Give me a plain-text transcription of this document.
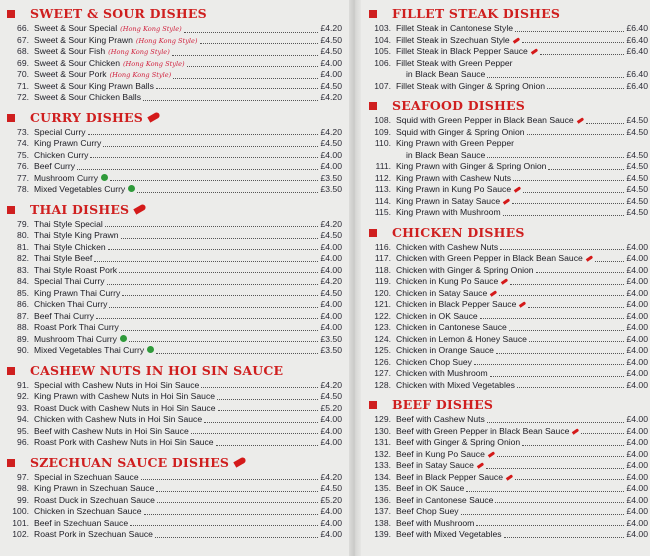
SWEET & SOUR DISHES
66. Sweet & Sour Special (Hong Kong Style)	£4.20
67. Sweet & Sour King Prawn (Hong Kong Style)	£4.50
68. Sweet & Sour Fish (Hong Kong Style)	£4.50
69. Sweet & Sour Chicken (Hong Kong Style)	£4.00
70. Sweet & Sour Pork (Hong Kong Style)	£4.00
71. Sweet & Sour King Prawn Balls	£4.50
72. Sweet & Sour Chicken Balls	£4.20
CURRY DISHES
73. Special Curry	£4.20
74. King Prawn Curry	£4.50
75. Chicken Curry	£4.00
76. Beef Curry	£4.00
77. Mushroom Curry	£3.50
78. Mixed Vegetables Curry	£3.50
THAI DISHES
79. Thai Style Special	£4.20
80. Thai Style King Prawn	£4.50
81. Thai Style Chicken	£4.00
82. Thai Style Beef	£4.00
83. Thai Style Roast Pork	£4.00
84. Special Thai Curry	£4.20
85. King Prawn Thai Curry	£4.50
86. Chicken Thai Curry	£4.00
87. Beef Thai Curry	£4.00
88. Roast Pork Thai Curry	£4.00
89. Mushroom Thai Curry	£3.50
90. Mixed Vegetables Thai Curry	£3.50
CASHEW NUTS IN HOI SIN SAUCE
91. Special with Cashew Nuts in Hoi Sin Sauce	£4.20
92. King Prawn with Cashew Nuts in Hoi Sin Sauce	£4.50
93. Roast Duck with Cashew Nuts in Hoi Sin Sauce	£5.20
94. Chicken with Cashew Nuts in Hoi Sin Sauce	£4.00
95. Beef with Cashew Nuts in Hoi Sin Sauce	£4.00
96. Roast Pork with Cashew Nuts in Hoi Sin Sauce	£4.00
SZECHUAN SAUCE DISHES
97. Special in Szechuan Sauce	£4.20
98. King Prawn in Szechuan Sauce	£4.50
99. Roast Duck in Szechuan Sauce	£5.20
100. Chicken in Szechuan Sauce	£4.00
101. Beef in Szechuan Sauce	£4.00
102. Roast Pork in Szechuan Sauce	£4.00
FILLET STEAK DISHES
103. Fillet Steak in Cantonese Style	£6.40
104. Fillet Steak in Szechuan Style	£6.40
105. Fillet Steak in Black Pepper Sauce	£6.40
106. Fillet Steak with Green Pepper
in Black Bean Sauce	£6.40
107. Fillet Steak with Ginger & Spring Onion	£6.40
SEAFOOD DISHES
108. Squid with Green Pepper in Black Bean Sauce	£4.50
109. Squid with Ginger & Spring Onion	£4.50
110. King Prawn with Green Pepper
in Black Bean Sauce	£4.50
111. King Prawn with Ginger & Spring Onion	£4.50
112. King Prawn with Cashew Nuts	£4.50
113. King Prawn in Kung Po Sauce	£4.50
114. King Prawn in Satay Sauce	£4.50
115. King Prawn with Mushroom	£4.50
CHICKEN DISHES
116. Chicken with Cashew Nuts	£4.00
117. Chicken with Green Pepper in Black Bean Sauce	£4.00
118. Chicken with Ginger & Spring Onion	£4.00
119. Chicken in Kung Po Sauce	£4.00
120. Chicken in Satay Sauce	£4.00
121. Chicken in Black Pepper Sauce	£4.00
122. Chicken in OK Sauce	£4.00
123. Chicken in Cantonese Sauce	£4.00
124. Chicken in Lemon & Honey Sauce	£4.00
125. Chicken in Orange Sauce	£4.00
126. Chicken Chop Suey	£4.00
127. Chicken with Mushroom	£4.00
128. Chicken with Mixed Vegetables	£4.00
BEEF DISHES
129. Beef with Cashew Nuts	£4.00
130. Beef with Green Pepper in Black Bean Sauce	£4.00
131. Beef with Ginger & Spring Onion	£4.00
132. Beef in Kung Po Sauce	£4.00
133. Beef in Satay Sauce	£4.00
134. Beef in Black Pepper Sauce	£4.00
135. Beef in OK Sauce	£4.00
136. Beef in Cantonese Sauce	£4.00
137. Beef Chop Suey	£4.00
138. Beef with Mushroom	£4.00
139. Beef with Mixed Vegetables	£4.00
